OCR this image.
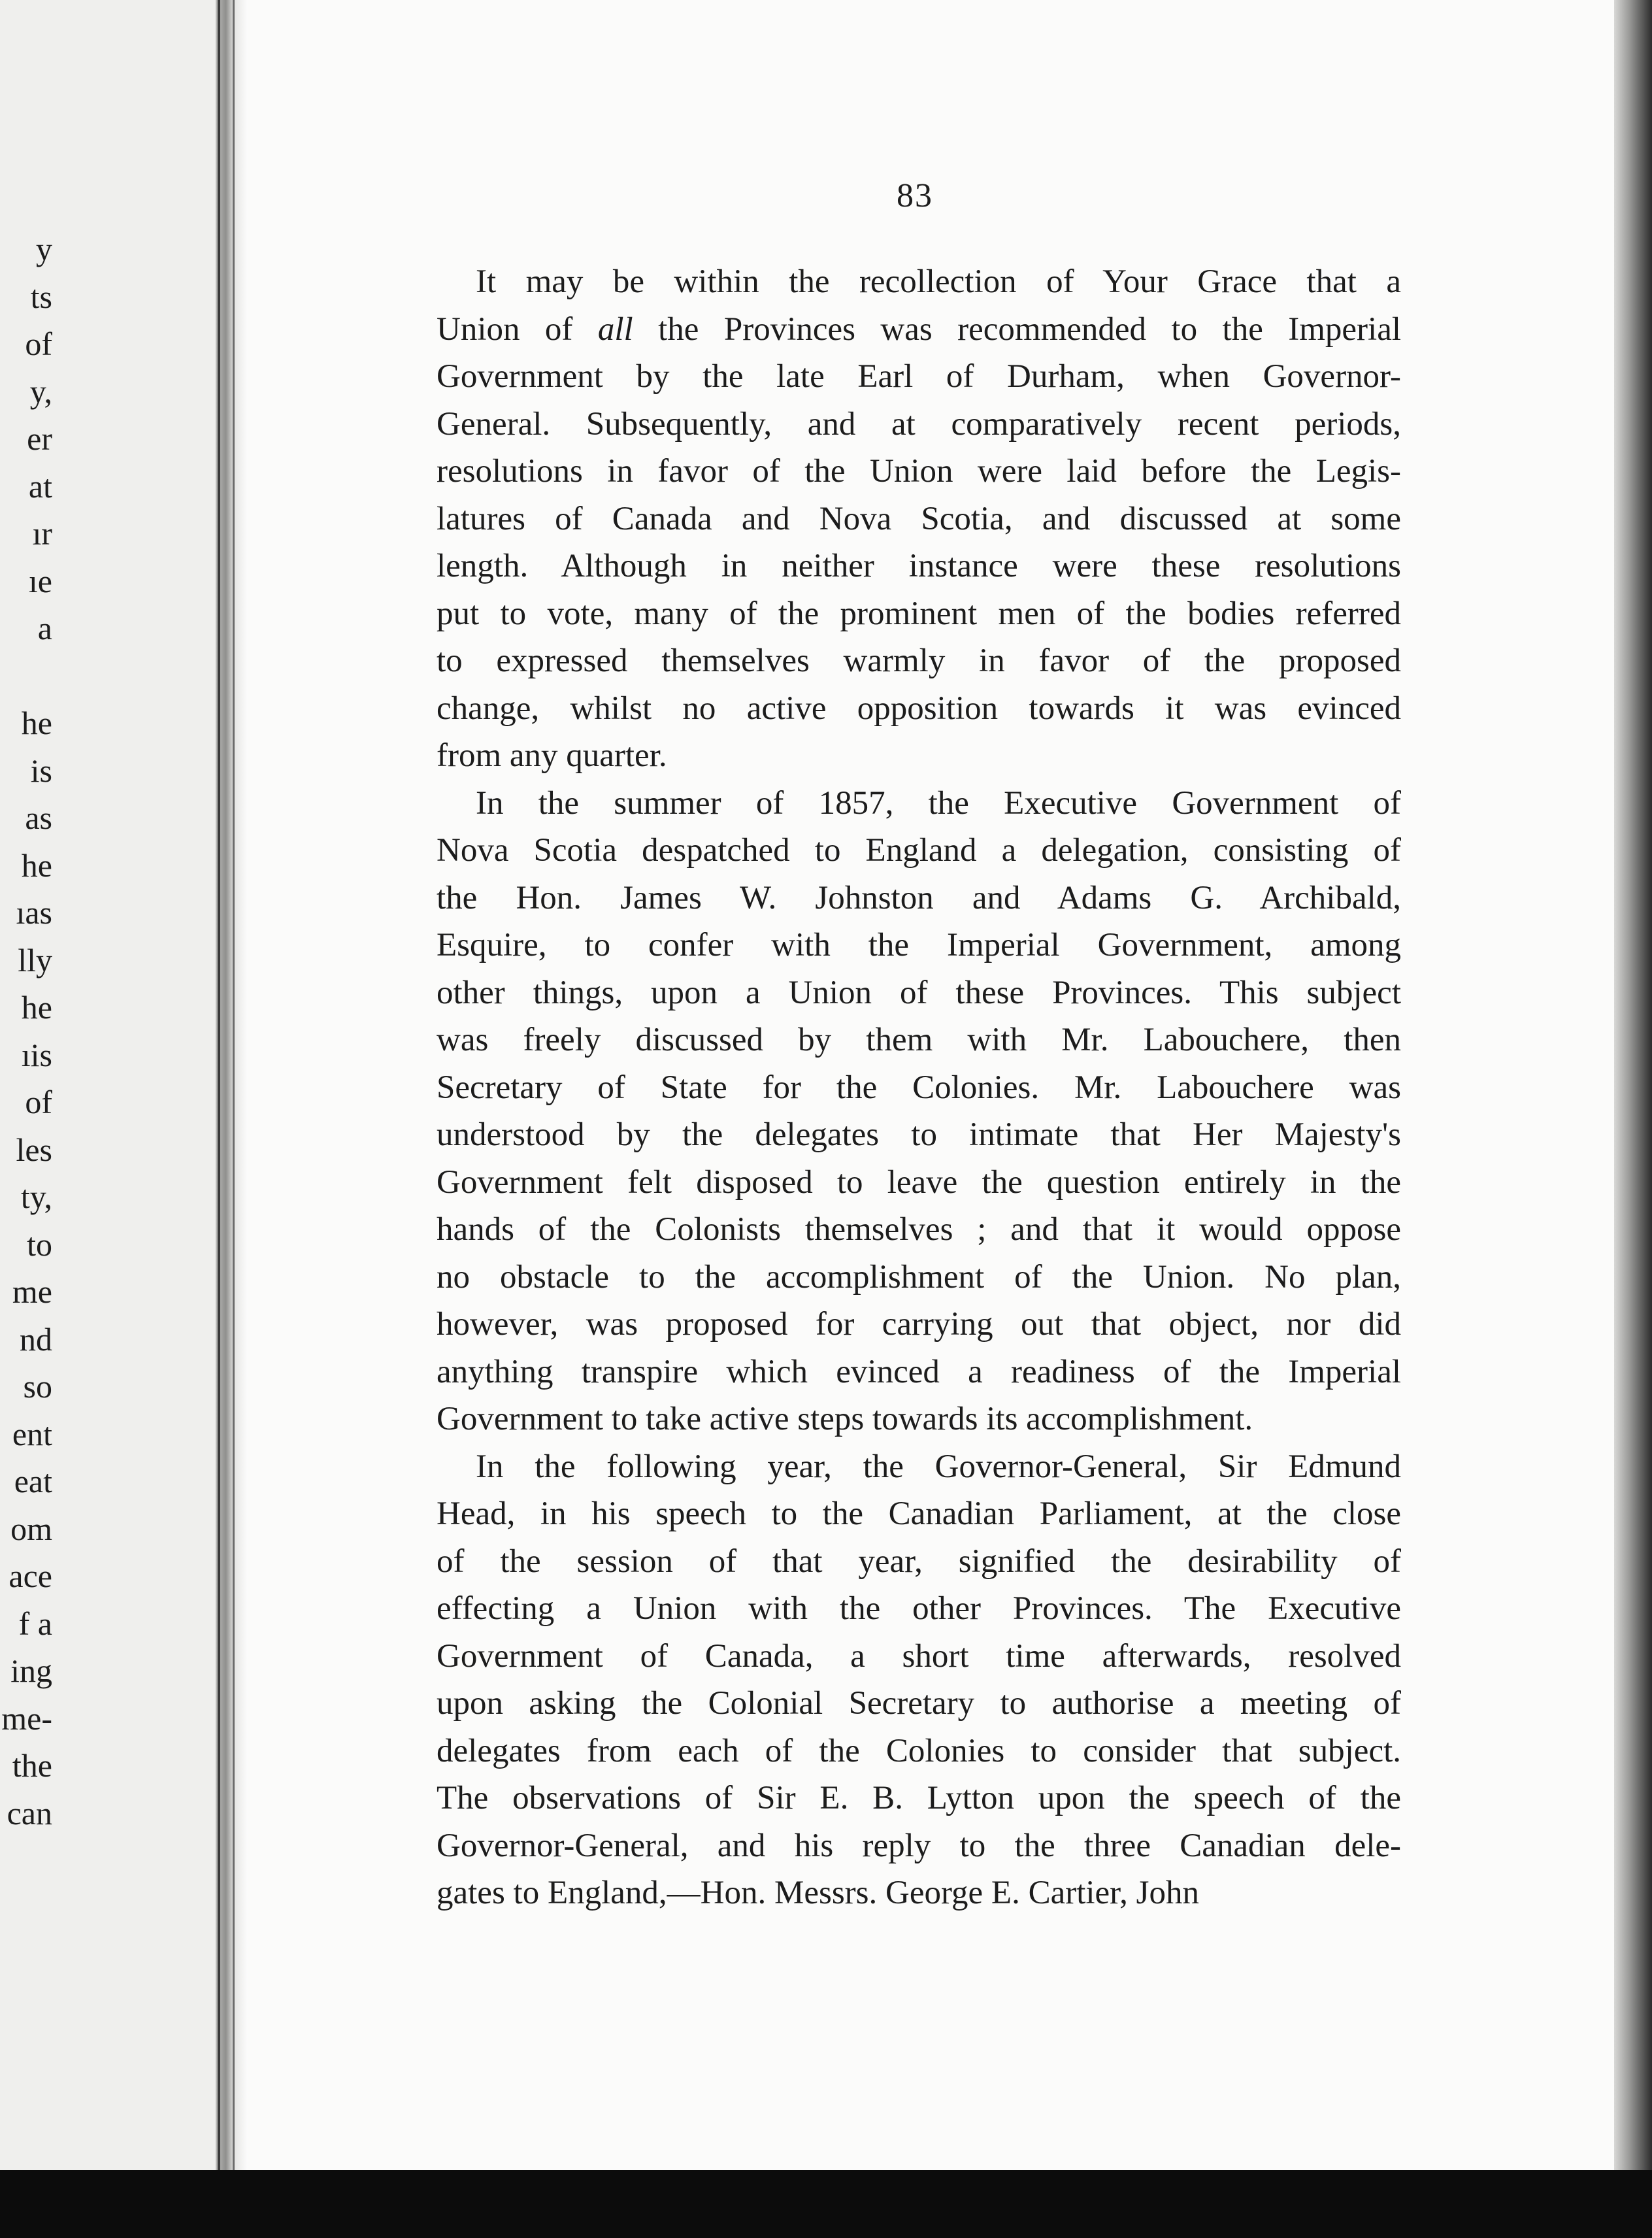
y
ts
of
y,
er
at
ır
ıe
a
he
is
as
he
ıas
lly
he
ıis
of
les
ty,
to
me
nd
so
ent
eat
om
ace
f a
ing
me-
the
can
83
It may be within the recollection of Your Grace that a
Union of all the Provinces was recommended to the Imperial
Government by the late Earl of Durham, when Governor-
General. Subsequently, and at comparatively recent periods,
resolutions in favor of the Union were laid before the Legis-
latures of Canada and Nova Scotia, and discussed at some
length. Although in neither instance were these resolutions
put to vote, many of the prominent men of the bodies referred
to expressed themselves warmly in favor of the proposed
change, whilst no active opposition towards it was evinced
from any quarter.
In the summer of 1857, the Executive Government of
Nova Scotia despatched to England a delegation, consisting of
the Hon. James W. Johnston and Adams G. Archibald,
Esquire, to confer with the Imperial Government, among
other things, upon a Union of these Provinces. This subject
was freely discussed by them with Mr. Labouchere, then
Secretary of State for the Colonies. Mr. Labouchere was
understood by the delegates to intimate that Her Majesty's
Government felt disposed to leave the question entirely in the
hands of the Colonists themselves ; and that it would oppose
no obstacle to the accomplishment of the Union. No plan,
however, was proposed for carrying out that object, nor did
anything transpire which evinced a readiness of the Imperial
Government to take active steps towards its accomplishment.
In the following year, the Governor-General, Sir Edmund
Head, in his speech to the Canadian Parliament, at the close
of the session of that year, signified the desirability of
effecting a Union with the other Provinces. The Executive
Government of Canada, a short time afterwards, resolved
upon asking the Colonial Secretary to authorise a meeting of
delegates from each of the Colonies to consider that subject.
The observations of Sir E. B. Lytton upon the speech of the
Governor-General, and his reply to the three Canadian dele-
gates to England,—Hon. Messrs. George E. Cartier, John
